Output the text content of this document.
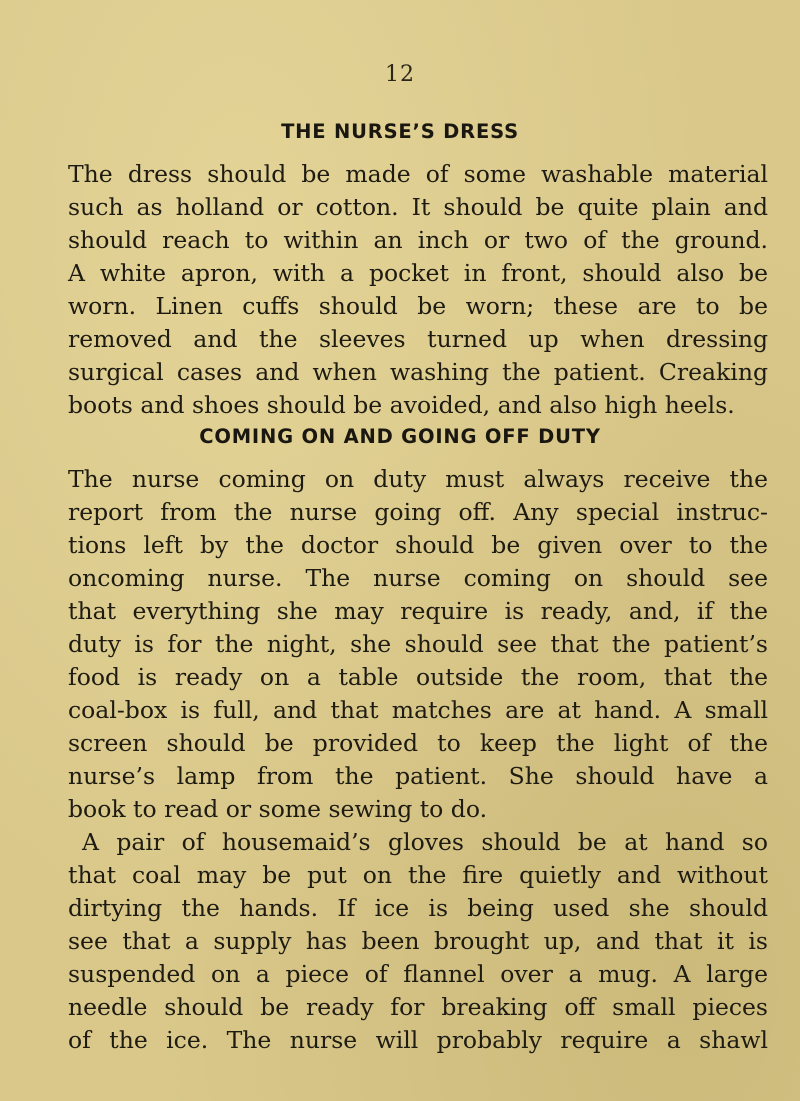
12
THE NURSE’S DRESS
The dress should be made of some washable material
such as holland or cotton. It should be quite plain and
should reach to within an inch or two of the ground.
A white apron, with a pocket in front, should also be
worn. Linen cuffs should be worn; these are to be
removed and the sleeves turned up when dressing
surgical cases and when washing the patient. Creaking
boots and shoes should be avoided, and also high heels.
COMING ON AND GOING OFF DUTY
The nurse coming on duty must always receive the
report from the nurse going off. Any special instruc-
tions left by the doctor should be given over to the
oncoming nurse. The nurse coming on should see
that everything she may require is ready, and, if the
duty is for the night, she should see that the patient’s
food is ready on a table outside the room, that the
coal-box is full, and that matches are at hand. A small
screen should be provided to keep the light of the
nurse’s lamp from the patient. She should have a
book to read or some sewing to do.
A pair of housemaid’s gloves should be at hand so
that coal may be put on the fire quietly and without
dirtying the hands. If ice is being used she should
see that a supply has been brought up, and that it is
suspended on a piece of flannel over a mug. A large
needle should be ready for breaking off small pieces
of the ice. The nurse will probably require a shawl
